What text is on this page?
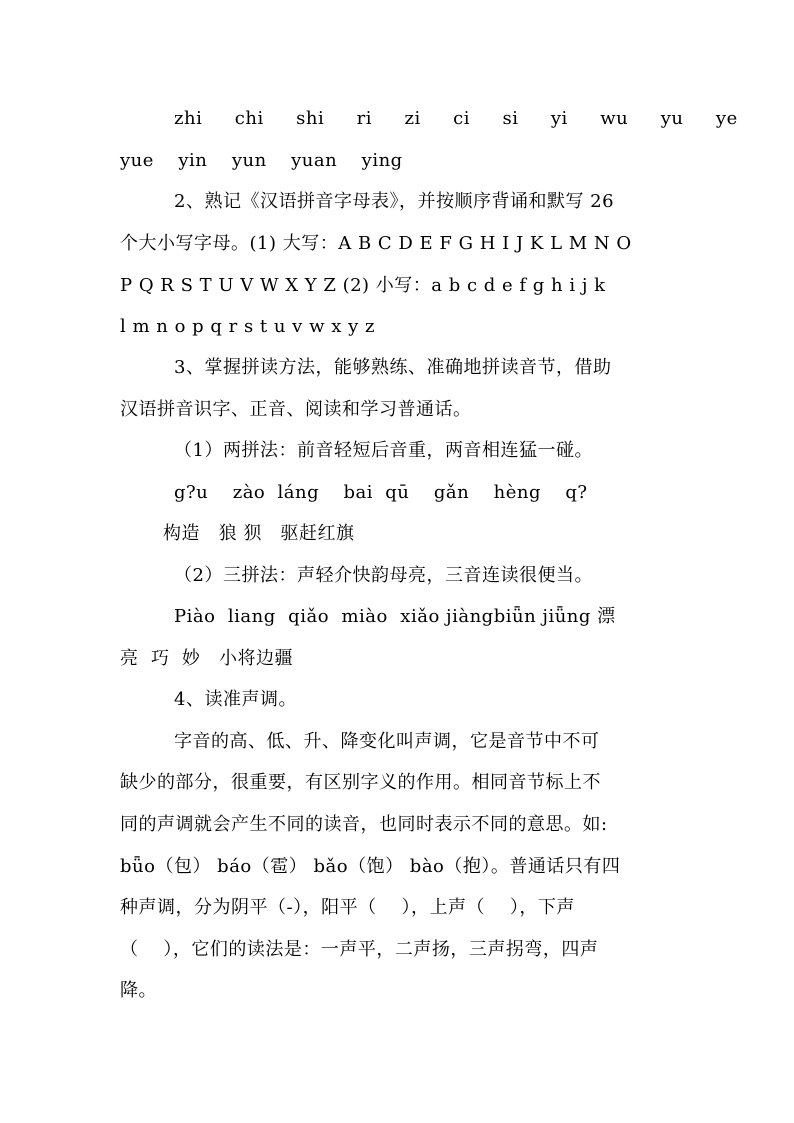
zhi  chi  shi  ri  zi  ci  si  yi  wu  yu  ye
yue  yin  yun  yuan  ying
2、熟记《汉语拼音字母表》，并按顺序背诵和默写 26
个大小写字母。(1) 大写：A B C D E F G H I J K L M N O
P Q R S T U V W X Y Z (2) 小写：a b c d e f g h i j k
l m n o p q r s t u v w x y z
3、掌握拼读方法，能够熟练、准确地拼读音节，借助
汉语拼音识字、正音、阅读和学习普通话。
（1）两拼法：前音轻短后音重，两音相连猛一碰。
g?u  zào láng  bai qū  gǎn  hèng  q?
构造   狼 狈   驱赶红旗
（2）三拼法：声轻介快韵母亮，三音连读很便当。
Piào  liang  qiǎo  miào  xiǎo jiàngbiǖn jiǖng 漂
亮  巧  妙   小将边疆
4、读准声调。
字音的高、低、升、降变化叫声调，它是音节中不可
缺少的部分，很重要，有区别字义的作用。相同音节标上不
同的声调就会产生不同的读音，也同时表示不同的意思。如:
bǖo（包） báo（雹） bǎo（饱） bào（抱）。普通话只有四
种声调，分为阴平（-），阳平（    ），上声（    ），下声
（    ），它们的读法是：一声平，二声扬，三声拐弯，四声
降。
